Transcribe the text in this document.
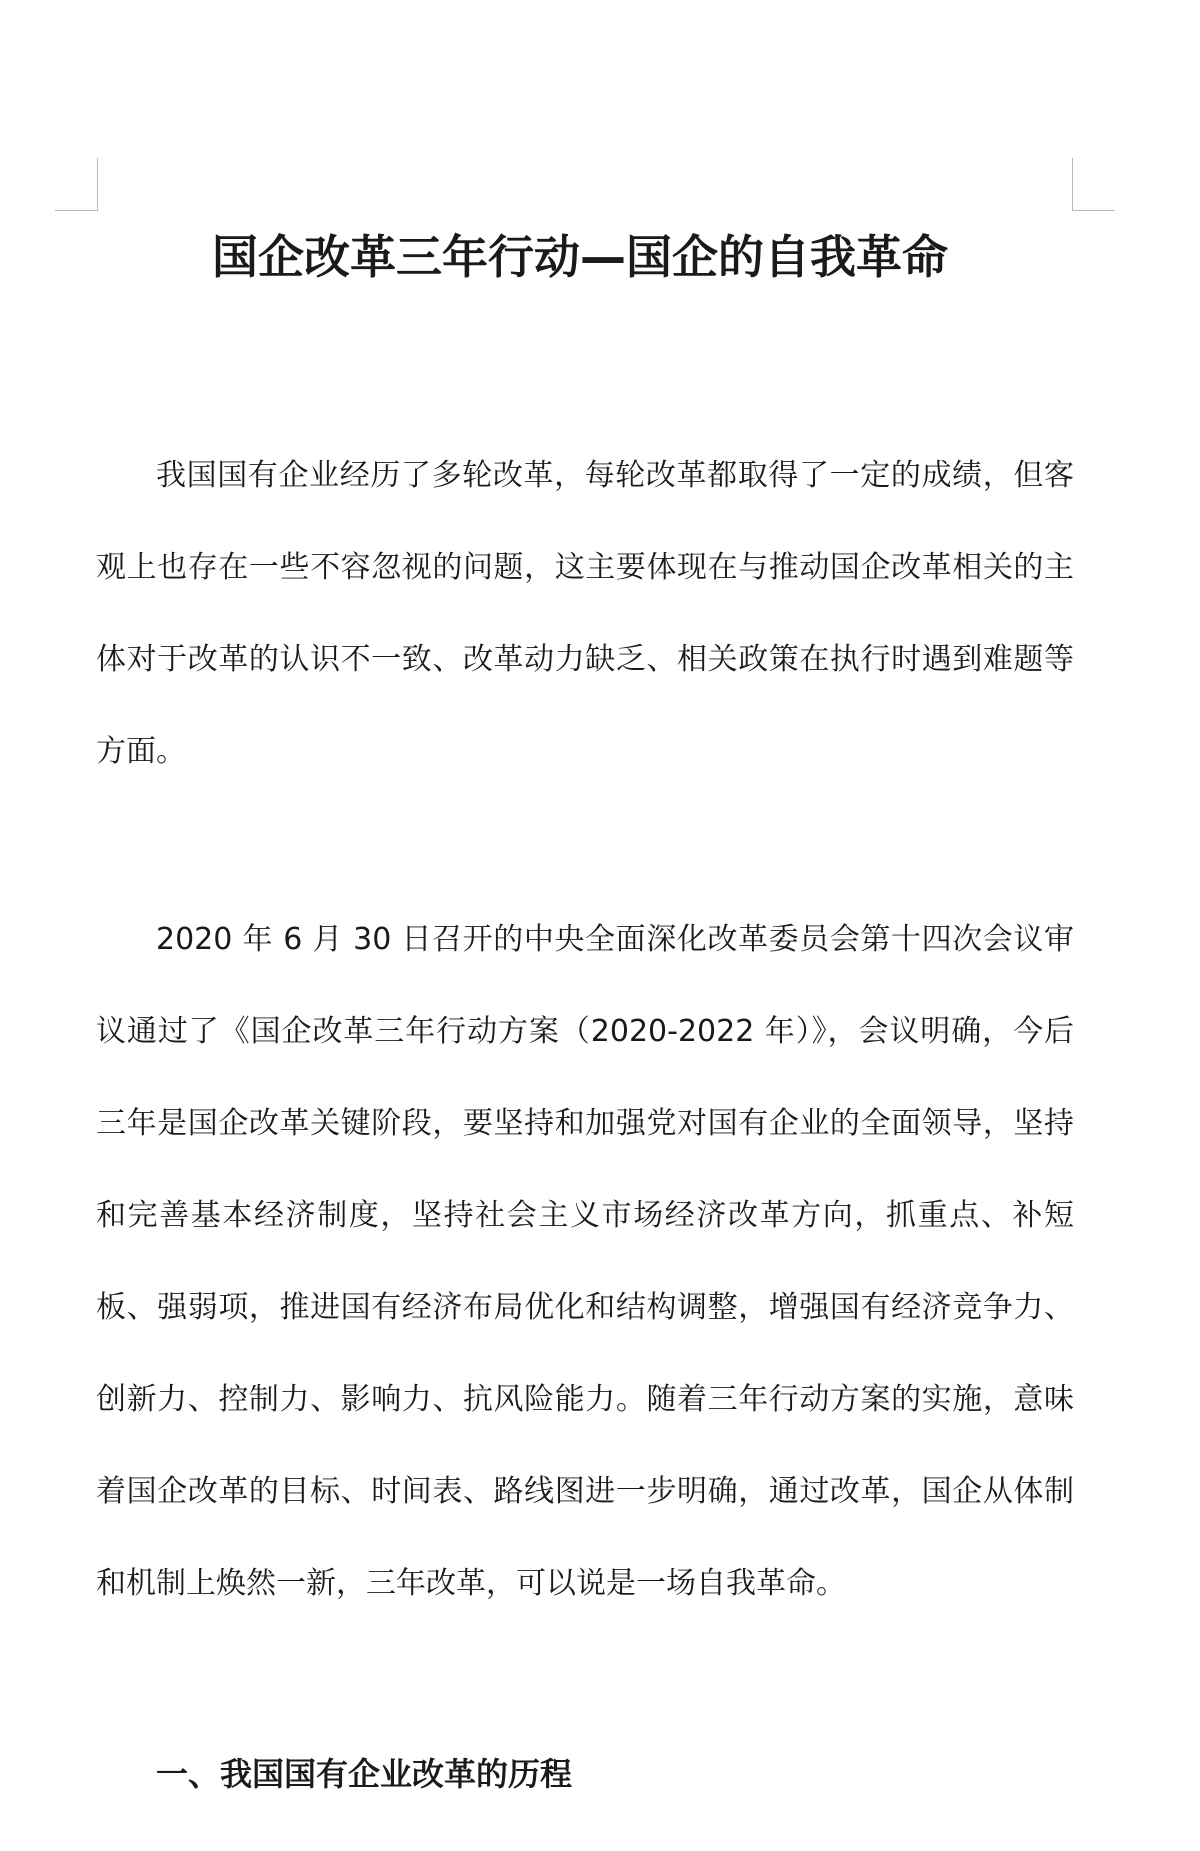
国企改革三年行动—国企的自我革命

我国国有企业经历了多轮改革，每轮改革都取得了一定的成绩，但客观上也存在一些不容忽视的问题，这主要体现在与推动国企改革相关的主体对于改革的认识不一致、改革动力缺乏、相关政策在执行时遇到难题等方面。

2020 年 6 月 30 日召开的中央全面深化改革委员会第十四次会议审议通过了《国企改革三年行动方案（2020-2022 年）》，会议明确，今后三年是国企改革关键阶段，要坚持和加强党对国有企业的全面领导，坚持和完善基本经济制度，坚持社会主义市场经济改革方向，抓重点、补短板、强弱项，推进国有经济布局优化和结构调整，增强国有经济竞争力、创新力、控制力、影响力、抗风险能力。随着三年行动方案的实施，意味着国企改革的目标、时间表、路线图进一步明确，通过改革，国企从体制和机制上焕然一新，三年改革，可以说是一场自我革命。

一、我国国有企业改革的历程
